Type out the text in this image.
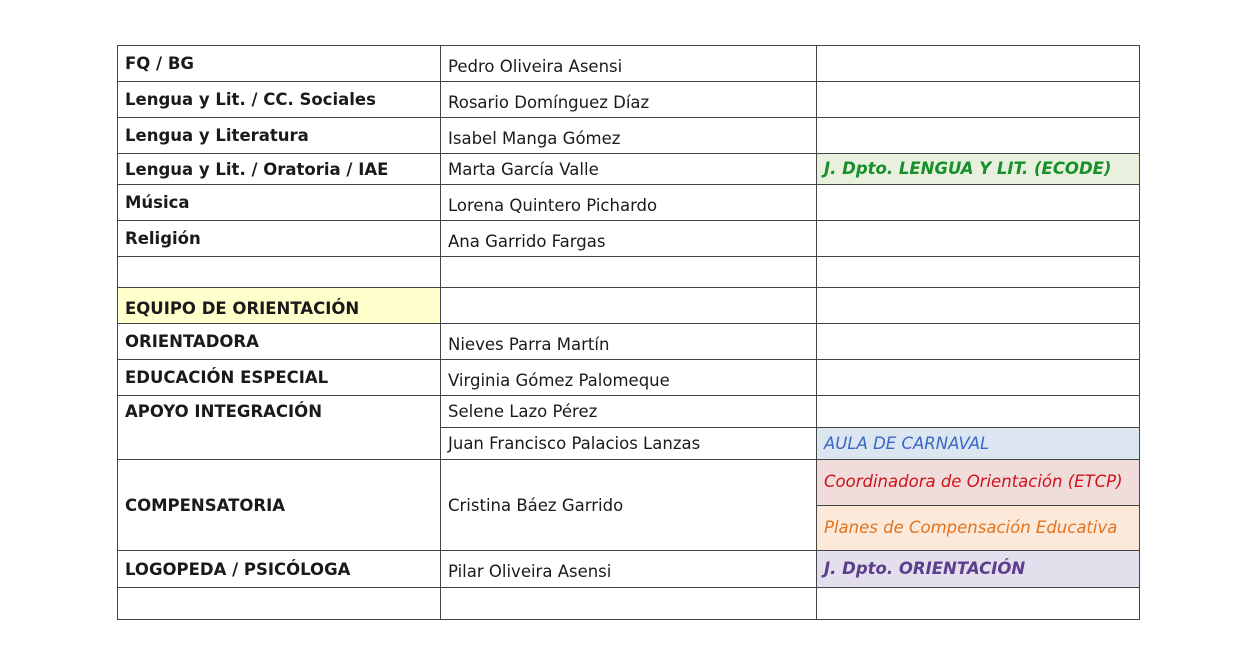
FQ / BG	Pedro Oliveira Asensi	
Lengua y Lit. / CC. Sociales	Rosario Domínguez Díaz	
Lengua y Literatura	Isabel Manga Gómez	
Lengua y Lit. / Oratoria / IAE	Marta García Valle	J. Dpto. LENGUA Y LIT. (ECODE)
Música	Lorena Quintero Pichardo	
Religión	Ana Garrido Fargas	

EQUIPO DE ORIENTACIÓN		
ORIENTADORA	Nieves Parra Martín	
EDUCACIÓN ESPECIAL	Virginia Gómez Palomeque	
APOYO INTEGRACIÓN	Selene Lazo Pérez	
	Juan Francisco Palacios Lanzas	AULA DE CARNAVAL
COMPENSATORIA	Cristina Báez Garrido	Coordinadora de Orientación (ETCP)
		Planes de Compensación Educativa
LOGOPEDA / PSICÓLOGA	Pilar Oliveira Asensi	J. Dpto. ORIENTACIÓN
